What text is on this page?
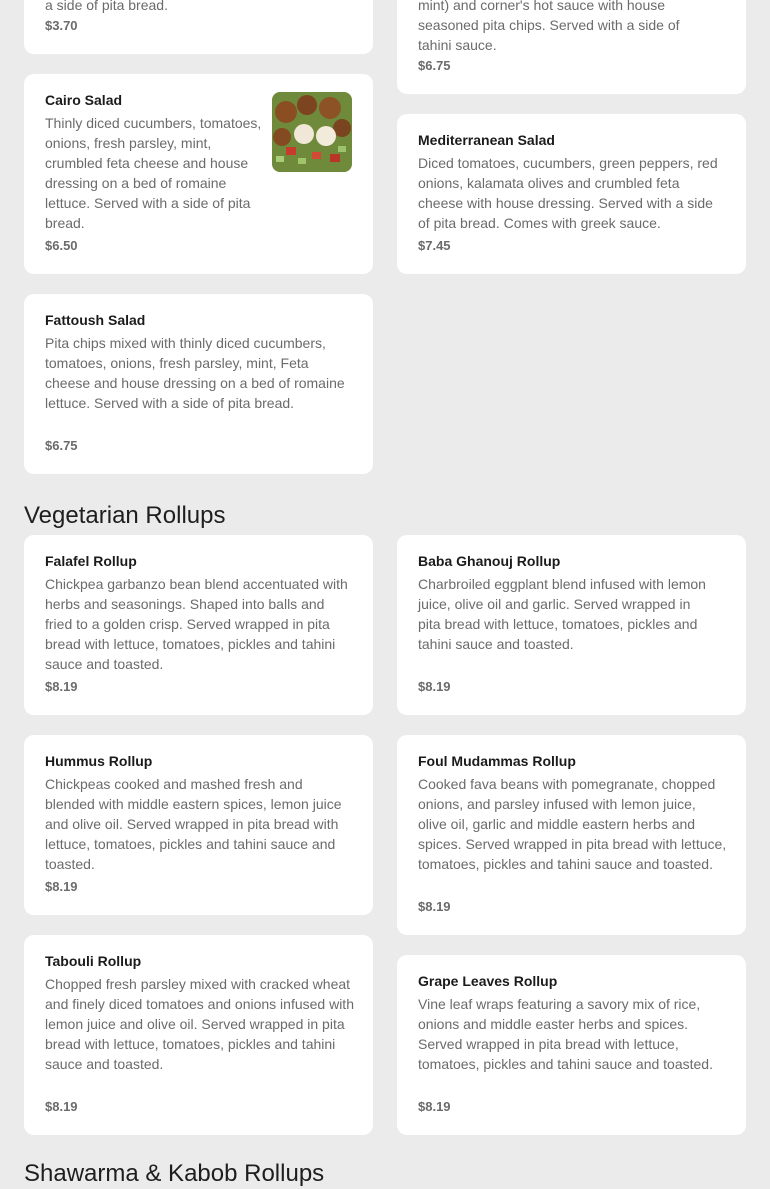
a side of pita bread.
$3.70
mint) and corner's hot sauce with house seasoned pita chips. Served with a side of tahini sauce.
$6.75
Cairo Salad
Thinly diced cucumbers, tomatoes, onions, fresh parsley, mint, crumbled feta cheese and house dressing on a bed of romaine lettuce. Served with a side of pita bread.
$6.50
Mediterranean Salad
Diced tomatoes, cucumbers, green peppers, red onions, kalamata olives and crumbled feta cheese with house dressing. Served with a side of pita bread. Comes with greek sauce.
$7.45
Fattoush Salad
Pita chips mixed with thinly diced cucumbers, tomatoes, onions, fresh parsley, mint, Feta cheese and house dressing on a bed of romaine lettuce. Served with a side of pita bread.
$6.75
Vegetarian Rollups
Falafel Rollup
Chickpea garbanzo bean blend accentuated with herbs and seasonings. Shaped into balls and fried to a golden crisp. Served wrapped in pita bread with lettuce, tomatoes, pickles and tahini sauce and toasted.
$8.19
Baba Ghanouj Rollup
Charbroiled eggplant blend infused with lemon juice, olive oil and garlic. Served wrapped in pita bread with lettuce, tomatoes, pickles and tahini sauce and toasted.
$8.19
Hummus Rollup
Chickpeas cooked and mashed fresh and blended with middle eastern spices, lemon juice and olive oil. Served wrapped in pita bread with lettuce, tomatoes, pickles and tahini sauce and toasted.
$8.19
Foul Mudammas Rollup
Cooked fava beans with pomegranate, chopped onions, and parsley infused with lemon juice, olive oil, garlic and middle eastern herbs and spices. Served wrapped in pita bread with lettuce, tomatoes, pickles and tahini sauce and toasted.
$8.19
Tabouli Rollup
Chopped fresh parsley mixed with cracked wheat and finely diced tomatoes and onions infused with lemon juice and olive oil. Served wrapped in pita bread with lettuce, tomatoes, pickles and tahini sauce and toasted.
$8.19
Grape Leaves Rollup
Vine leaf wraps featuring a savory mix of rice, onions and middle easter herbs and spices. Served wrapped in pita bread with lettuce, tomatoes, pickles and tahini sauce and toasted.
$8.19
Shawarma & Kabob Rollups
